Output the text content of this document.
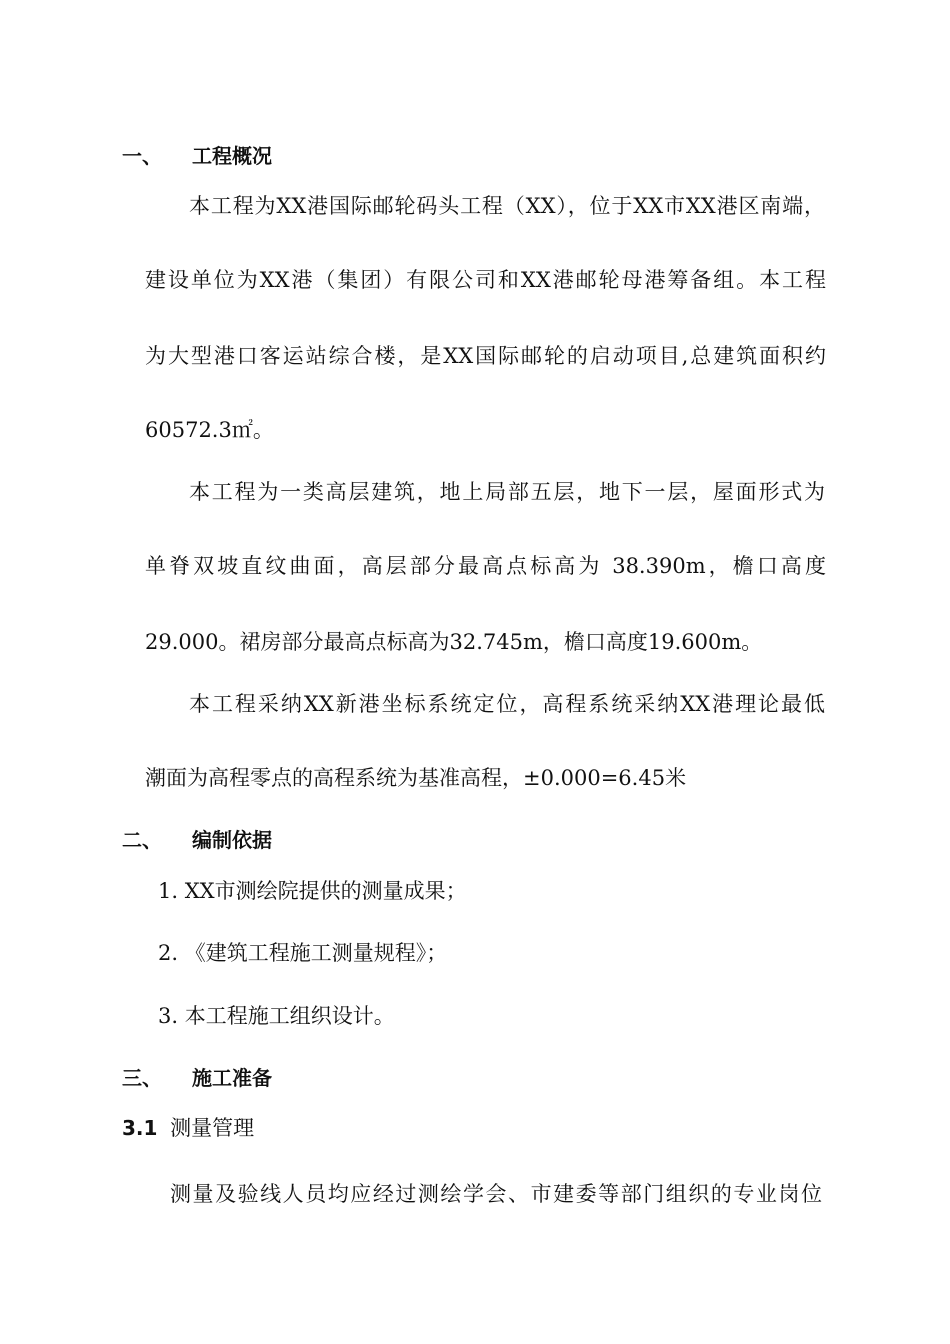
一、 工程概况
本工程为XX港国际邮轮码头工程（XX），位于XX市XX港区南端，
建设单位为XX港（集团）有限公司和XX港邮轮母港筹备组。本工程
为大型港口客运站综合楼，是XX国际邮轮的启动项目,总建筑面积约
60572.3㎡。
本工程为一类高层建筑，地上局部五层，地下一层，屋面形式为
单脊双坡直纹曲面，高层部分最高点标高为 38.390m，檐口高度
29.000。裙房部分最高点标高为32.745m，檐口高度19.600m。
本工程采纳XX新港坐标系统定位，高程系统采纳XX港理论最低
潮面为高程零点的高程系统为基准高程，±0.000=6.45米
二、 编制依据
1. XX市测绘院提供的测量成果；
2. 《建筑工程施工测量规程》；
3. 本工程施工组织设计。
三、 施工准备
3.1 测量管理
测量及验线人员均应经过测绘学会、市建委等部门组织的专业岗位
